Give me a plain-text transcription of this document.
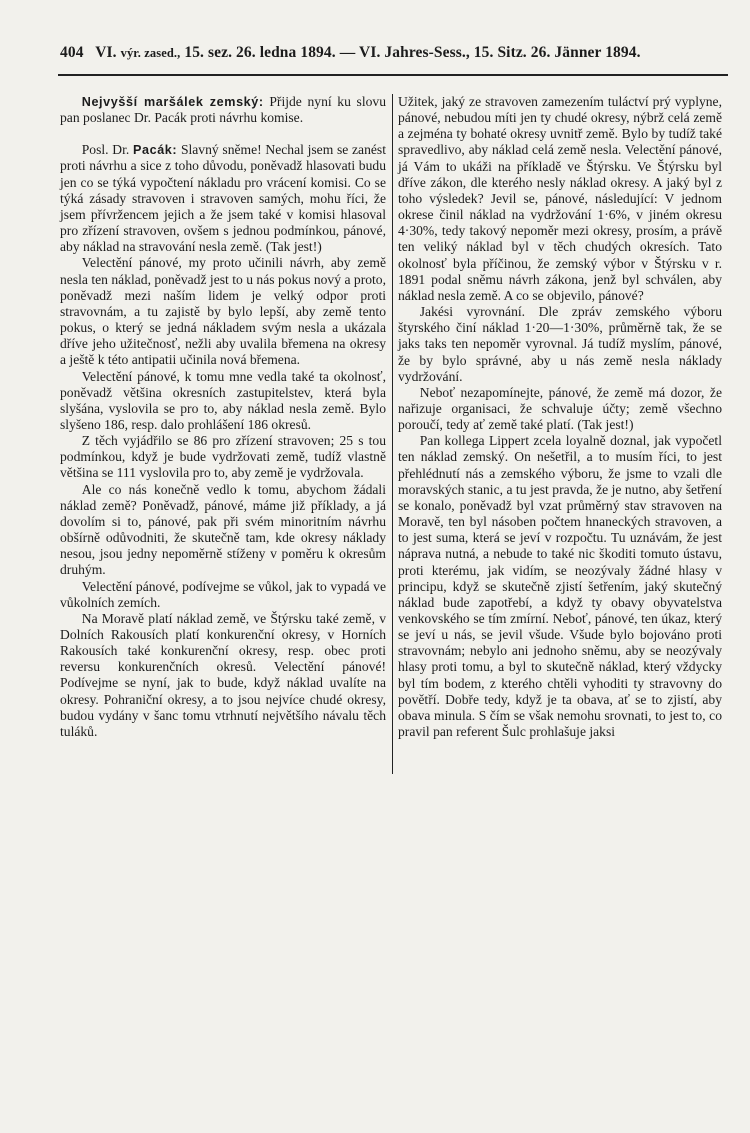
404 VI. výr. zased., 15. sez. 26. ledna 1894. — VI. Jahres-Sess., 15. Sitz. 26. Jänner 1894.

Nejvyšší maršálek zemský: Přijde nyní ku slovu pan poslanec Dr. Pacák proti návrhu komise.

Posl. Dr. Pacák: Slavný sněme! Nechal jsem se zanést proti návrhu a sice z toho důvodu, poněvadž hlasovati budu jen co se týká vypočtení nákladu pro vrácení komisi. Co se týká zásady stravoven i stravoven samých, mohu říci, že jsem přívržencem jejich a že jsem také v komisi hlasoval pro zřízení stravoven, ovšem s jednou podmínkou, pánové, aby náklad na stravování nesla země. (Tak jest!)

Velectění pánové, my proto učinili návrh, aby země nesla ten náklad, poněvadž jest to u nás pokus nový a proto, poněvadž mezi naším lidem je velký odpor proti stravovnám, a tu zajistě by bylo lepší, aby země tento pokus, o který se jedná nákladem svým nesla a ukázala dříve jeho užitečnosť, nežli aby uvalila břemena na okresy a ještě k této antipatii učinila nová břemena.

Velectění pánové, k tomu mne vedla také ta okolnosť, poněvadž většina okresních zastupitelstev, která byla slyšána, vyslovila se pro to, aby náklad nesla země. Bylo slyšeno 186, resp. dalo prohlášení 186 okresů.

Z těch vyjádřilo se 86 pro zřízení stravoven; 25 s tou podmínkou, když je bude vydržovati země, tudíž vlastně většina se 111 vyslovila pro to, aby země je vydržovala.

Ale co nás konečně vedlo k tomu, abychom žádali náklad země? Poněvadž, pánové, máme již příklady, a já dovolím si to, pánové, pak při svém minoritním návrhu obšírně odůvodniti, že skutečně tam, kde okresy náklady nesou, jsou jedny nepoměrně stíženy v poměru k okresům druhým.

Velectění pánové, podívejme se vůkol, jak to vypadá ve vůkolních zemích.

Na Moravě platí náklad země, ve Štýrsku také země, v Dolních Rakousích platí konkurenční okresy, v Horních Rakousích také konkurenční okresy, resp. obec proti reversu konkurenčních okresů. Velectění pánové! Podívejme se nyní, jak to bude, když náklad uvalíte na okresy. Pohraniční okresy, a to jsou nejvíce chudé okresy, budou vydány v šanc tomu vtrhnutí největšího návalu těch tuláků.

Užitek, jaký ze stravoven zamezením tuláctví prý vyplyne, pánové, nebudou míti jen ty chudé okresy, nýbrž celá země a zejména ty bohaté okresy uvnitř země. Bylo by tudíž také spravedlivo, aby náklad celá země nesla. Velectění pánové, já Vám to ukáži na příkladě ve Štýrsku. Ve Štýrsku byl dříve zákon, dle kterého nesly náklad okresy. A jaký byl z toho výsledek? Jevil se, pánové, následující: V jednom okrese činil náklad na vydržování 1·6%, v jiném okresu 4·30%, tedy takový nepoměr mezi okresy, prosím, a právě ten veliký náklad byl v těch chudých okresích. Tato okolnosť byla příčinou, že zemský výbor v Štýrsku v r. 1891 podal sněmu návrh zákona, jenž byl schválen, aby náklad nesla země. A co se objevilo, pánové?

Jakési vyrovnání. Dle zpráv zemského výboru štyrského činí náklad 1·20—1·30%, průměrně tak, že se jaks taks ten nepoměr vyrovnal. Já tudíž myslím, pánové, že by bylo správné, aby u nás země nesla náklady vydržování.

Neboť nezapomínejte, pánové, že země má dozor, že nařizuje organisaci, že schvaluje účty; země všechno poroučí, tedy ať země také platí. (Tak jest!)

Pan kollega Lippert zcela loyalně doznal, jak vypočetl ten náklad zemský. On nešetřil, a to musím říci, to jest přehlédnutí nás a zemského výboru, že jsme to vzali dle moravských stanic, a tu jest pravda, že je nutno, aby šetření se konalo, poněvadž byl vzat průměrný stav stravoven na Moravě, ten byl násoben počtem hnaneckých stravoven, a to jest suma, která se jeví v rozpočtu. Tu uznávám, že jest náprava nutná, a nebude to také nic škoditi tomuto ústavu, proti kterému, jak vidím, se neozývaly žádné hlasy v principu, když se skutečně zjistí šetřením, jaký skutečný náklad bude zapotřebí, a když ty obavy obyvatelstva venkovského se tím zmírní. Neboť, pánové, ten úkaz, který se jeví u nás, se jevil všude. Všude bylo bojováno proti stravovnám; nebylo ani jednoho sněmu, aby se neozývaly hlasy proti tomu, a byl to skutečně náklad, který vždycky byl tím bodem, z kterého chtěli vyhoditi ty stravovny do povětří. Dobře tedy, když je ta obava, ať se to zjistí, aby obava minula. S čím se však nemohu srovnati, to jest to, co pravil pan referent Šulc prohlašuje jaksi
